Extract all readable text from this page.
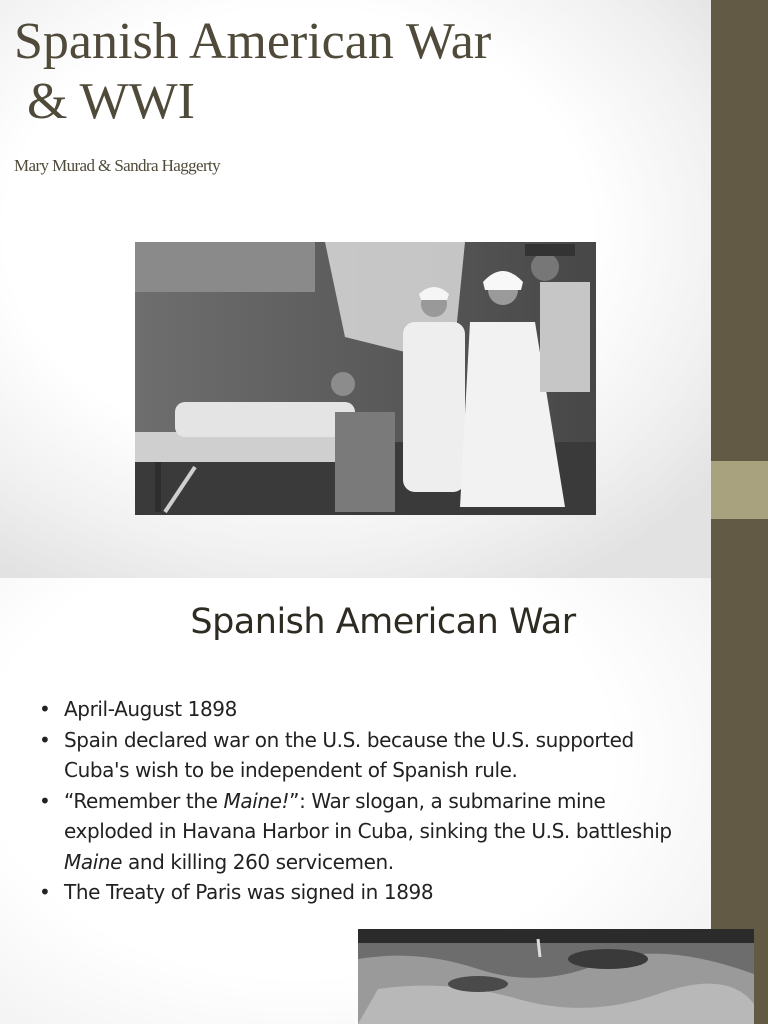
Spanish American War
& WWI
Mary Murad & Sandra Haggerty
Spanish American War
• April-August 1898
• Spain declared war on the U.S. because the U.S. supported
Cuba's wish to be independent of Spanish rule.
• “Remember the Maine!”: War slogan, a submarine mine
exploded in Havana Harbor in Cuba, sinking the U.S. battleship
Maine and killing 260 servicemen.
• The Treaty of Paris was signed in 1898
